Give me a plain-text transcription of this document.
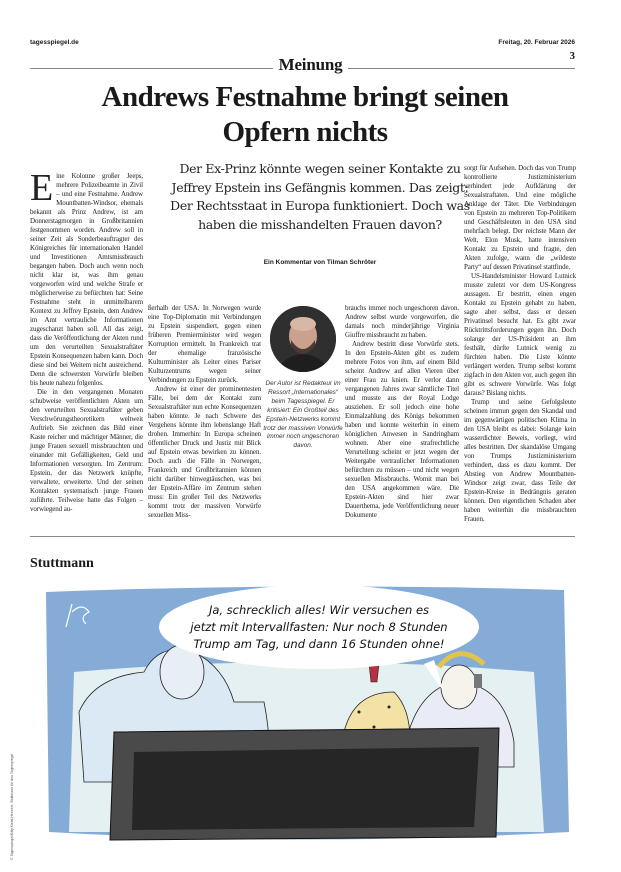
tagesspiegel.de	Freitag, 20. Februar 2026
3
Meinung
Andrews Festnahme bringt seinen
Opfern nichts
Der Ex-Prinz könnte wegen seiner Kontakte zu Jeffrey Epstein ins Gefängnis kommen. Das zeigt: Der Rechtsstaat in Europa funktioniert. Doch was haben die misshandelten Frauen davon?
Ein Kommentar von Tilman Schröter

Eine Kolonne großer Jeeps, mehrere Polizeibeamte in Zivil – und eine Festnahme. Andrew Mountbatten-Windsor, ehemals bekannt als Prinz Andrew, ist am Donnerstagmorgen in Großbritannien festgenommen worden. Andrew soll in seiner Zeit als Sonderbeauftragter des Königreiches für internationalen Handel und Investitionen Amtsmissbrauch begangen haben. Doch auch wenn noch nicht klar ist, was ihm genau vorgeworfen wird und welche Strafe er möglicherweise zu befürchten hat: Seine Festnahme steht in unmittelbarem Kontext zu Jeffrey Epstein, dem Andrew im Amt vertrauliche Informationen zugeschanzt haben soll. All das zeigt, dass die Veröffentlichung der Akten rund um den verurteilten Sexualstraftäter Epstein Konsequenzen haben kann. Doch diese sind bei Weitem nicht ausreichend. Denn die schwersten Vorwürfe bleiben bis heute nahezu folgenlos.

Die in den vergangenen Monaten schubweise veröffentlichten Akten um den verurteilten Sexualstraftäter geben Verschwörungstheoretikern weltweit Auftrieb. Sie zeichnen das Bild einer Kaste reicher und mächtiger Männer, die junge Frauen sexuell missbrauchten und einander mit Gefälligkeiten, Geld und Informationen versorgten. Im Zentrum: Epstein, der das Netzwerk knüpfte, verwaltete, erweiterte. Und der seinen Kontakten systematisch junge Frauen zuführte. Teilweise hatte das Folgen – vorwiegend au-

ßerhalb der USA. In Norwegen wurde eine Top-Diplomatin mit Verbindungen zu Epstein suspendiert, gegen einen früheren Premierminister wird wegen Korruption ermittelt. In Frankreich trat der ehemalige französische Kulturminister als Leiter eines Pariser Kulturzentrums wegen seiner Verbindungen zu Epstein zurück.

Andrew ist einer der prominentesten Fälle, bei dem der Kontakt zum Sexualstraftäter nun echte Konsequenzen haben könnte. Je nach Schwere des Vergehens könnte ihm lebenslange Haft drohen. Immerhin: In Europa scheinen öffentlicher Druck und Justiz mit Blick auf Epstein etwas bewirken zu können. Doch auch die Fälle in Norwegen, Frankreich und Großbritannien können nicht darüber hinwegtäuschen, was bei der Epstein-Affäre im Zentrum stehen muss: Ein großer Teil des Netzwerks kommt trotz der massiven Vorwürfe sexuellen Miss-

Der Autor ist Redakteur im Ressort „Internationales“ beim Tagesspiegel. Er kritisiert: Ein Großteil des Epstein-Netzwerks kommt trotz der massiven Vorwürfe immer noch ungeschoren davon.

brauchs immer noch ungeschoren davon. Andrew selbst wurde vorgeworfen, die damals noch minderjährige Virginia Giuffre missbraucht zu haben.

Andrew bestritt diese Vorwürfe stets. In den Epstein-Akten gibt es zudem mehrere Fotos von ihm, auf einem Bild scheint Andrew auf allen Vieren über einer Frau zu knien. Er verlor dann vergangenen Jahres zwar sämtliche Titel und musste aus der Royal Lodge ausziehen. Er soll jedoch eine hohe Einmalzahlung des Königs bekommen haben und konnte weiterhin in einem königlichen Anwesen in Sandringham wohnen. Aber eine strafrechtliche Verurteilung scheint er jetzt wegen der Weitergabe vertraulicher Informationen befürchten zu müssen – und nicht wegen sexuellen Missbrauchs. Womit man bei den USA angekommen wäre. Die Epstein-Akten sind hier zwar Dauerthema, jede Veröffentlichung neuer Dokumente

sorgt für Aufsehen. Doch das von Trump kontrollierte Justizministerium verhindert jede Aufklärung der Sexualstraftaten. Und eine mögliche Anklage der Täter. Die Verbindungen von Epstein zu mehreren Top-Politikern und Geschäftsleuten in den USA sind mehrfach belegt. Der reichste Mann der Welt, Elon Musk, hatte intensiven Kontakt zu Epstein und fragte, den Akten zufolge, wann die „wildeste Party“ auf dessen Privatinsel stattfinde.

US-Handelsminister Howard Lutnick musste zuletzt vor dem US-Kongress aussagen. Er bestritt, einen engen Kontakt zu Epstein gehabt zu haben, sagte aber selbst, dass er dessen Privatinsel besucht hat. Es gibt zwar Rücktrittsforderungen gegen ihn. Doch solange der US-Präsident an ihm festhält, dürfte Lutnick wenig zu fürchten haben. Die Liste könnte verlängert werden. Trump selbst kommt zigfach in den Akten vor, auch gegen ihn gibt es schwere Vorwürfe. Was folgt daraus? Bislang nichts.

Trump und seine Gefolgsleute scheinen immun gegen den Skandal und im gegenwärtigen politischen Klima in den USA bleibt es dabei: Solange kein wasserdichter Beweis, vorliegt, wird alles bestritten. Der skandalöse Umgang von Trumps Justizministerium verhindert, dass es dazu kommt. Der Abstieg von Andrew Mountbatten-Windsor zeigt zwar, dass Teile der Epstein-Kreise in Bedrängnis geraten können. Den eigentlichen Schaden aber haben weiterhin die missbrauchten Frauen.

Stuttmann
© Tagesspiegel/Kitty Kleist-Heinrich; Stuttmann für den Tagesspiegel
Ja, schrecklich alles! Wir versuchen es
jetzt mit Intervallfasten: Nur noch 8 Stunden
Trump am Tag, und dann 16 Stunden ohne!
